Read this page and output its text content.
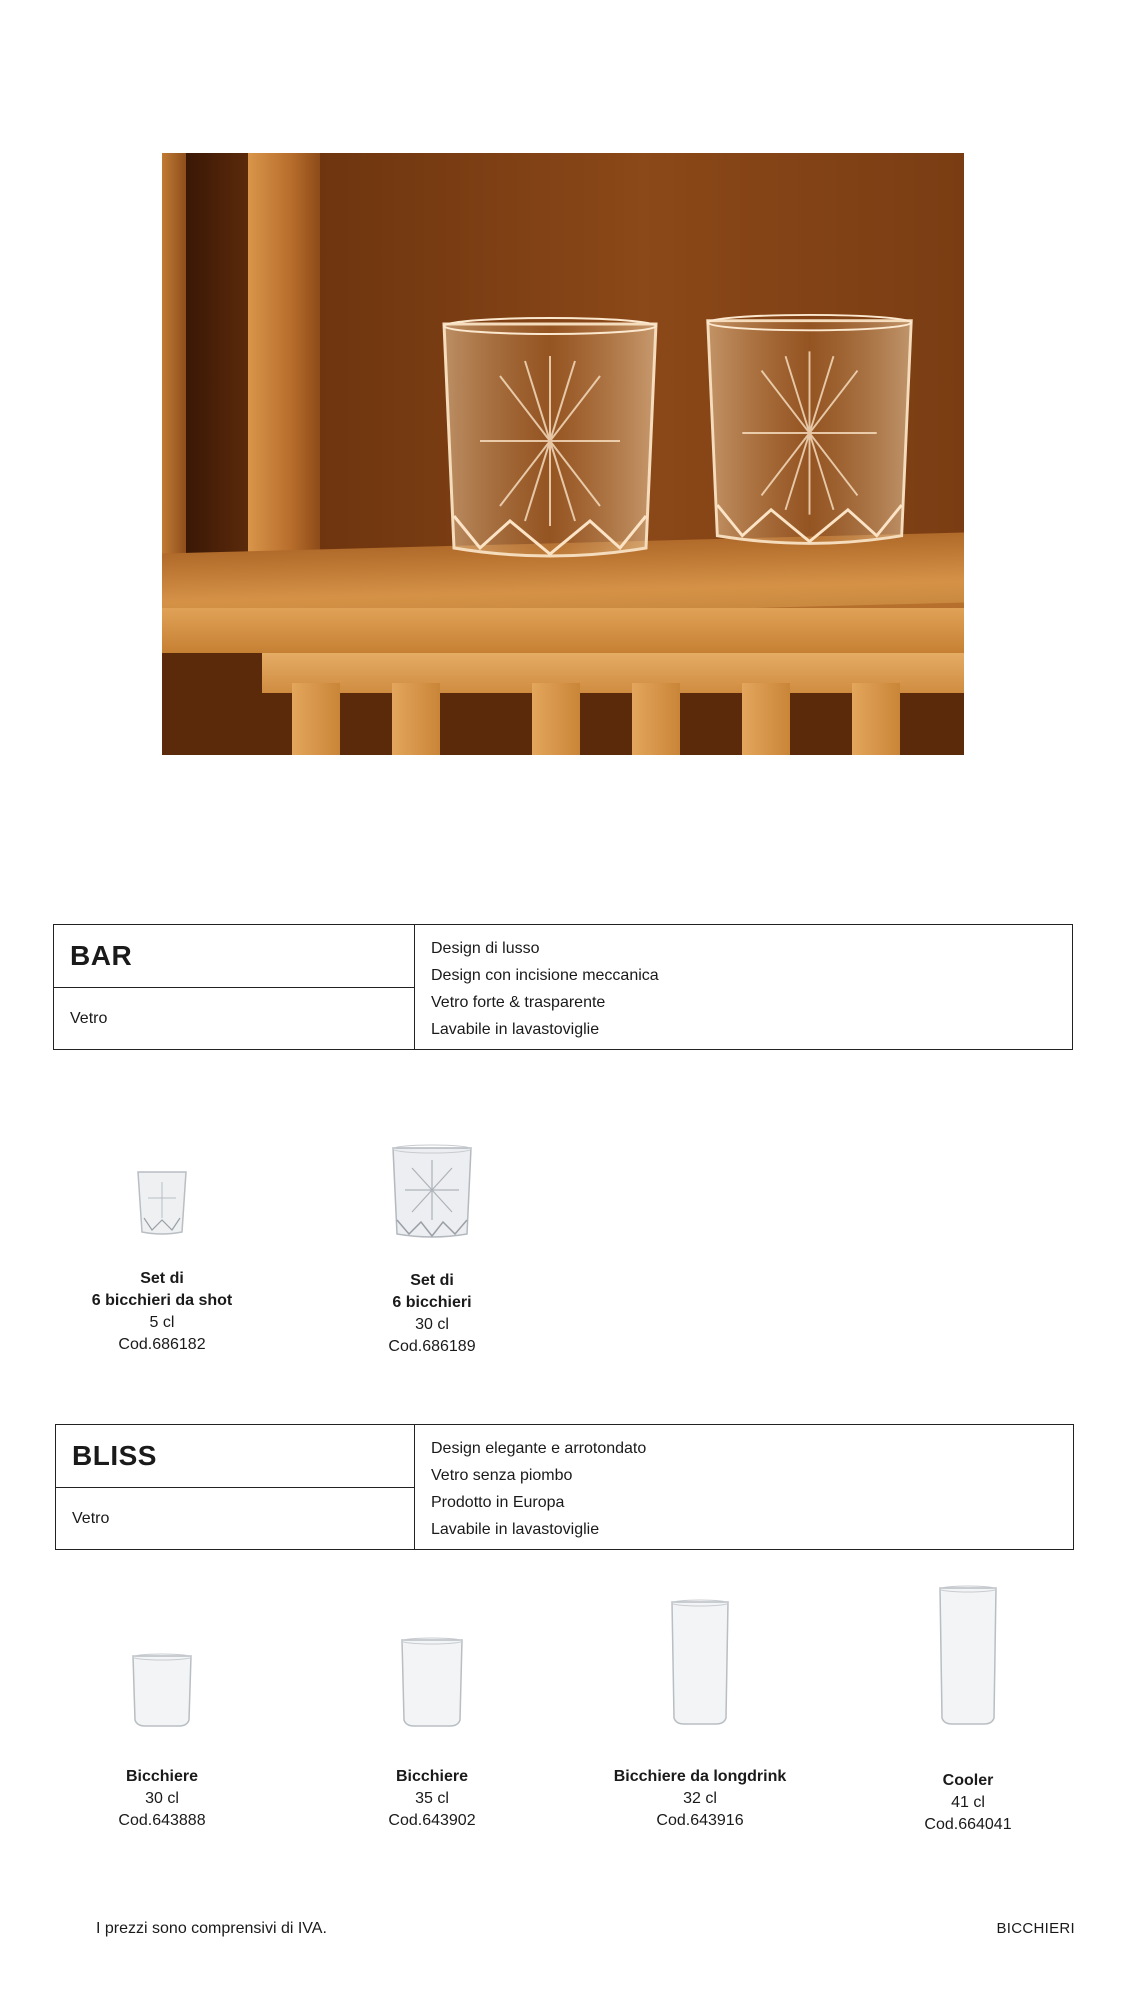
BAR
Vetro
Design di lusso
Design con incisione meccanica
Vetro forte & trasparente
Lavabile in lavastoviglie
Set di
6 bicchieri da shot
5 cl
Cod.686182
Set di
6 bicchieri
30 cl
Cod.686189
BLISS
Vetro
Design elegante e arrotondato
Vetro senza piombo
Prodotto in Europa
Lavabile in lavastoviglie
Bicchiere
30 cl
Cod.643888
Bicchiere
35 cl
Cod.643902
Bicchiere da longdrink
32 cl
Cod.643916
Cooler
41 cl
Cod.664041
I prezzi sono comprensivi di IVA.	BICCHIERI
